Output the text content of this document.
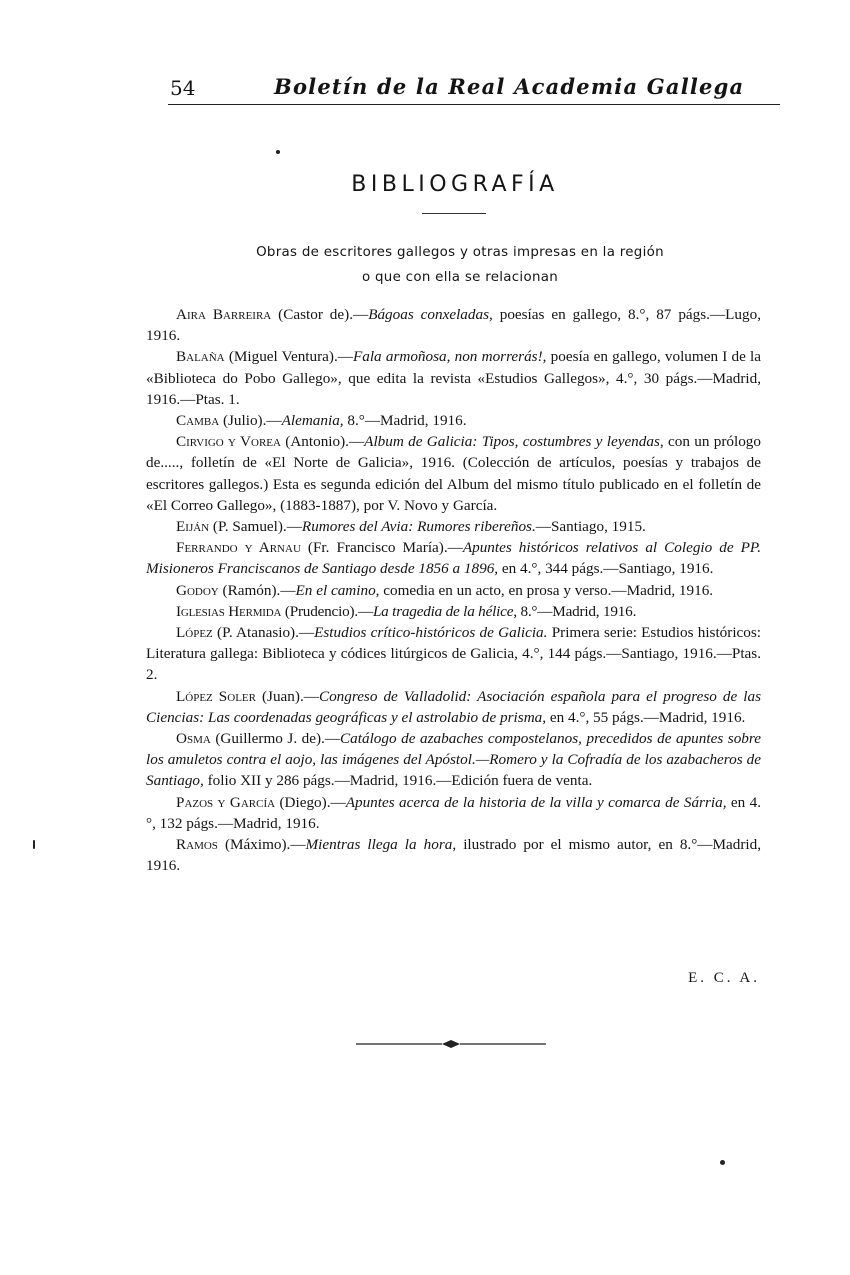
54	Boletín de la Real Academia Gallega
BIBLIOGRAFÍA
Obras de escritores gallegos y otras impresas en la región
o que con ella se relacionan

Aira Barreira (Castor de).—Bágoas conxeladas, poesías en gallego, 8.°, 87 págs.—Lugo, 1916.

Balaña (Miguel Ventura).—Fala armoñosa, non morrerás!, poesía en gallego, volumen I de la «Biblioteca do Pobo Gallego», que edita la revista «Estudios Gallegos», 4.°, 30 págs.—Madrid, 1916.—Ptas. 1.

Camba (Julio).—Alemania, 8.°—Madrid, 1916.

Cirvigo y Vorea (Antonio).—Album de Galicia: Tipos, costumbres y leyendas, con un prólogo de....., folletín de «El Norte de Galicia», 1916. (Colección de artículos, poesías y trabajos de escritores gallegos.) Esta es segunda edición del Album del mismo título publicado en el folletín de «El Correo Gallego», (1883-1887), por V. Novo y García.

Eiján (P. Samuel).—Rumores del Avia: Rumores ribereños.—Santiago, 1915.

Ferrando y Arnau (Fr. Francisco María).—Apuntes históricos relativos al Colegio de PP. Misioneros Franciscanos de Santiago desde 1856 a 1896, en 4.°, 344 págs.—Santiago, 1916.

Godoy (Ramón).—En el camino, comedia en un acto, en prosa y verso.—Madrid, 1916.

Iglesias Hermida (Prudencio).—La tragedia de la hélice, 8.°—Madrid, 1916.

López (P. Atanasio).—Estudios crítico-históricos de Galicia. Primera serie: Estudios históricos: Literatura gallega: Biblioteca y códices litúrgicos de Galicia, 4.°, 144 págs.—Santiago, 1916.—Ptas. 2.

López Soler (Juan).—Congreso de Valladolid: Asociación española para el progreso de las Ciencias: Las coordenadas geográficas y el astrolabio de prisma, en 4.°, 55 págs.—Madrid, 1916.

Osma (Guillermo J. de).—Catálogo de azabaches compostelanos, precedidos de apuntes sobre los amuletos contra el aojo, las imágenes del Apóstol.—Romero y la Cofradía de los azabacheros de Santiago, folio XII y 286 págs.—Madrid, 1916.—Edición fuera de venta.

Pazos y García (Diego).—Apuntes acerca de la historia de la villa y comarca de Sárria, en 4.°, 132 págs.—Madrid, 1916.

Ramos (Máximo).—Mientras llega la hora, ilustrado por el mismo autor, en 8.°—Madrid, 1916.

E. C. A.
